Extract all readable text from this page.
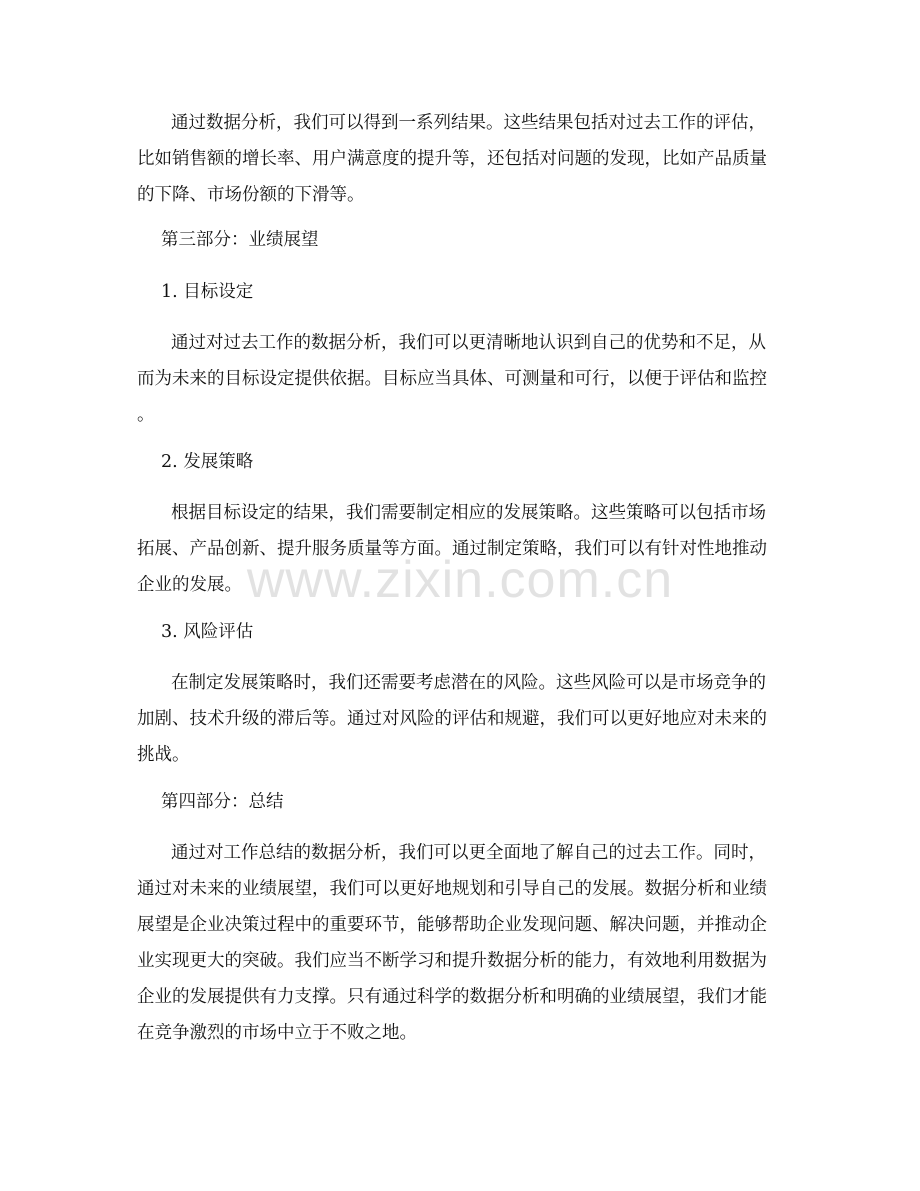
通过数据分析，我们可以得到一系列结果。这些结果包括对过去工作的评估，
比如销售额的增长率、用户满意度的提升等，还包括对问题的发现，比如产品质量
的下降、市场份额的下滑等。
第三部分：业绩展望
1. 目标设定
通过对过去工作的数据分析，我们可以更清晰地认识到自己的优势和不足，从
而为未来的目标设定提供依据。目标应当具体、可测量和可行，以便于评估和监控
。
2. 发展策略
根据目标设定的结果，我们需要制定相应的发展策略。这些策略可以包括市场
拓展、产品创新、提升服务质量等方面。通过制定策略，我们可以有针对性地推动
企业的发展。
3. 风险评估
在制定发展策略时，我们还需要考虑潜在的风险。这些风险可以是市场竞争的
加剧、技术升级的滞后等。通过对风险的评估和规避，我们可以更好地应对未来的
挑战。
第四部分：总结
通过对工作总结的数据分析，我们可以更全面地了解自己的过去工作。同时，
通过对未来的业绩展望，我们可以更好地规划和引导自己的发展。数据分析和业绩
展望是企业决策过程中的重要环节，能够帮助企业发现问题、解决问题，并推动企
业实现更大的突破。我们应当不断学习和提升数据分析的能力，有效地利用数据为
企业的发展提供有力支撑。只有通过科学的数据分析和明确的业绩展望，我们才能
在竞争激烈的市场中立于不败之地。
www.zixin.com.cn
